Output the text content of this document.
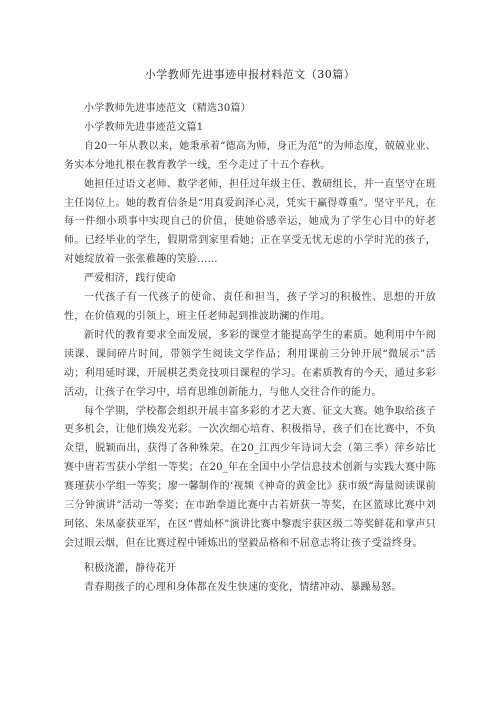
小学教师先进事迹申报材料范文（30篇）

小学教师先进事迹范文（精选30篇）

小学教师先进事迹范文篇1

自20一年从教以来，她秉承着“德高为师，身正为范”的为师态度，兢兢业业、务实本分地扎根在教育教学一线，至今走过了十五个春秋。

她担任过语文老师、数学老师，担任过年级主任、教研组长，并一直坚守在班主任岗位上。她的教育信条是“用真爱润泽心灵，凭实干赢得尊重”。坚守平凡，在每一件细小琐事中实现自己的价值，使她俗感幸运，她成为了学生心目中的好老师。已经毕业的学生，假期常到家里看她；正在享受无忧无虑的小学时光的孩子，对她绽放着一张张稚趣的笑脸……

严爱相济，践行使命

一代孩子有一代孩子的使命、责任和担当，孩子学习的积极性、思想的开放性，在价值观的引领上，班主任老师起到推波助澜的作用。

新时代的教育要求全面发展，多彩的课堂才能提高学生的素质。她利用中午阅读课、课间碎片时间，带领学生阅读文学作品；利用课前三分钟开展“微展示”活动；利用延时课，开展棋艺类竞技项目课程的学习。在素质教育的今天，通过多彩活动，让孩子在学习中，培育思维创新能力，与他人交往合作的能力。

每个学期，学校都会组织开展丰富多彩的才艺大赛、征文大赛。她争取给孩子更多机会，让他们焕发光彩。一次次细心培育、积极指导，孩子们在比赛中，不负众望，脱颖而出，获得了各种殊荣。在20_江西少年诗词大会（第三季）萍乡站比赛中唐若雪获小学组一等奖；在20_年在全国中小学信息技术创新与实践大赛中陈赛瑾获小学组一等奖；廖一馨制作的‘视频《神奇的黄金比》获市级“海量阅读课前三分钟演讲”活动一等奖；在市跆拳道比赛中古若妍获一等奖，在区篮球比赛中刘珂铭、朱凤豪获亚军，在区“曹灿杯”演讲比赛中黎震宇获区级二等奖鲜花和掌声只会过眼云烟，但在比赛过程中锤炼出的坚毅品格和不屈意志将让孩子受益终身。

积极浇灌，静待花开

青春期孩子的心理和身体都在发生快速的变化，情绪冲动、暴躁易怒。
